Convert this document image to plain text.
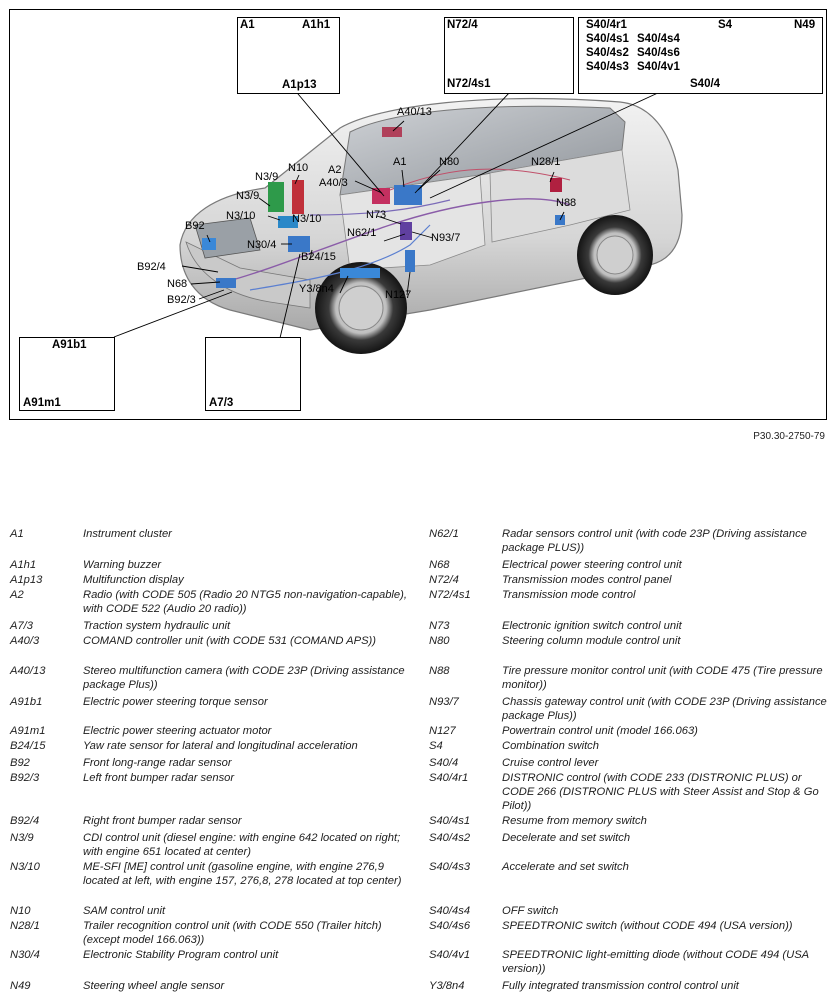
A1	A1h1
A1p13
N72/4
N72/4s1
S40/4r1
S40/4s1
S40/4s2
S40/4s3
S40/4s4
S40/4s6
S40/4v1
S4	N49
S40/4
A40/13
A1
A2
A40/3
N80	N28/1
N88
N3/9
N10
N3/9
N3/10	N3/10	N73
B92
N62/1	N93/7
N30/4
B24/15
B92/4
N68	Y3/8n4	N127
B92/3
A91b1
A91m1	A7/3
P30.30-2750-79
A1	Instrument cluster
A1h1	Warning buzzer
A1p13	Multifunction display
A2	Radio (with CODE 505 (Radio 20 NTG5 non-navigation-capable), with CODE 522 (Audio 20 radio))
A7/3	Traction system hydraulic unit
A40/3	COMAND controller unit (with CODE 531 (COMAND APS))
A40/13	Stereo multifunction camera (with CODE 23P (Driving assistance package Plus))
A91b1	Electric power steering torque sensor
A91m1	Electric power steering actuator motor
B24/15	Yaw rate sensor for lateral and longitudinal acceleration
B92	Front long-range radar sensor
B92/3	Left front bumper radar sensor
B92/4	Right front bumper radar sensor
N3/9	CDI control unit (diesel engine: with engine 642 located on right; with engine 651 located at center)
N3/10	ME-SFI [ME] control unit (gasoline engine, with engine 276,9 located at left, with engine 157, 276,8, 278 located at top center)
N10	SAM control unit
N28/1	Trailer recognition control unit (with CODE 550 (Trailer hitch) (except model 166.063))
N30/4	Electronic Stability Program control unit
N49	Steering wheel angle sensor
N62/1	Radar sensors control unit (with code 23P (Driving assistance package PLUS))
N68	Electrical power steering control unit
N72/4	Transmission modes control panel
N72/4s1	Transmission mode control
N73	Electronic ignition switch control unit
N80	Steering column module control unit
N88	Tire pressure monitor control unit (with CODE 475 (Tire pressure monitor))
N93/7	Chassis gateway control unit (with CODE 23P (Driving assistance package Plus))
N127	Powertrain control unit (model 166.063)
S4	Combination switch
S40/4	Cruise control lever
S40/4r1	DISTRONIC control (with CODE 233 (DISTRONIC PLUS) or CODE 266 (DISTRONIC PLUS with Steer Assist and Stop & Go Pilot))
S40/4s1	Resume from memory switch
S40/4s2	Decelerate and set switch
S40/4s3	Accelerate and set switch
S40/4s4	OFF switch
S40/4s6	SPEEDTRONIC switch (without CODE 494 (USA version))
S40/4v1	SPEEDTRONIC light-emitting diode (without CODE 494 (USA version))
Y3/8n4	Fully integrated transmission control control unit
